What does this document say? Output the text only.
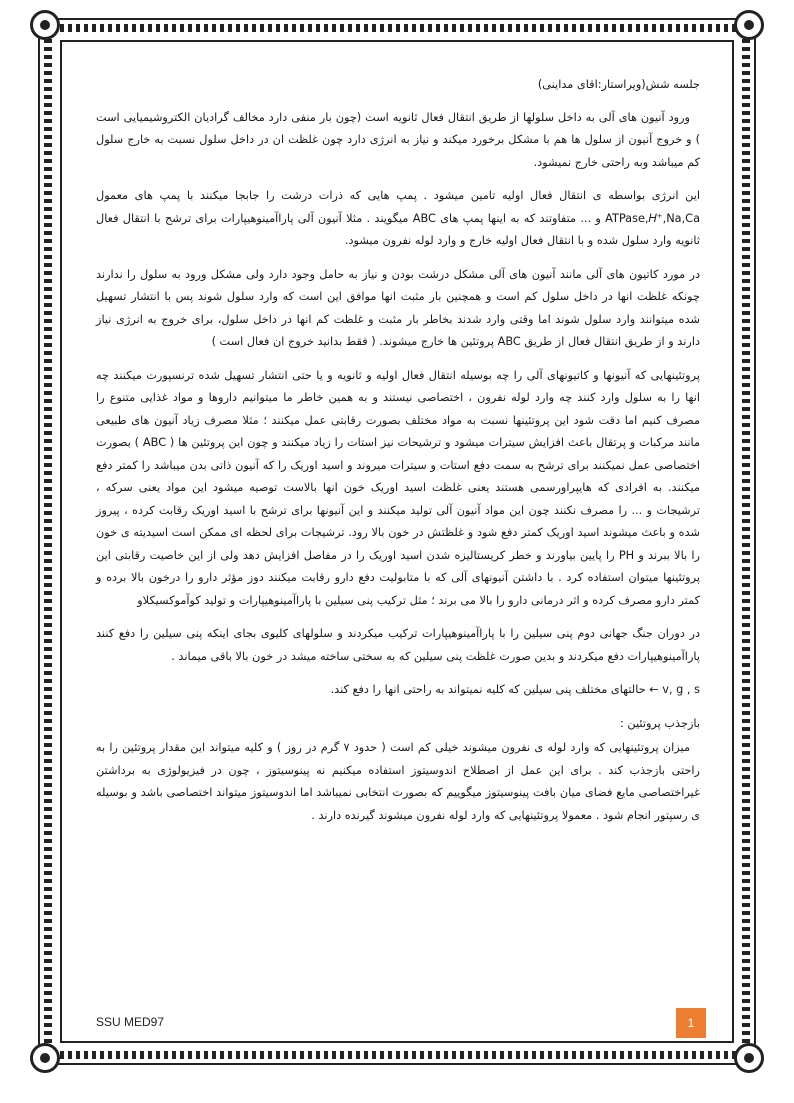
جلسه شش(ویراستار:اقای مداینی)

ورود آنیون های آلی به داخل سلولها از طریق انتقال فعال ثانویه است (چون بار منفی دارد مخالف گرادیان الکتروشیمیایی است ) و خروج آنیون از سلول ها هم با مشکل برخورد میکند و نیاز به انرژی دارد چون غلظت ان در داخل سلول نسبت به خارج سلول کم میباشد وبه راحتی خارج نمیشود.

این انرژی بواسطه ی انتقال فعال اولیه تامین میشود . پمپ هایی که ذرات درشت را جابجا میکنند با پمپ های معمول ATPase,𝐻⁺,Na,Ca و ... متفاوتند که به اینها پمپ های ABC میگویند . مثلا آنیون آلی پاراآمینوهیپارات برای ترشح با انتقال فعال ثانویه وارد سلول شده و با انتقال فعال اولیه خارج و وارد لوله نفرون میشود.

در مورد کاتیون های آلی مانند آنیون های آلی مشکل درشت بودن و نیاز به حامل وجود دارد ولی مشکل ورود به سلول را ندارند چونکه غلظت انها در داخل سلول کم است و همچنین بار مثبت انها موافق این است که وارد سلول شوند پس با انتشار تسهیل شده میتوانند وارد سلول شوند اما وقتی وارد شدند بخاطر بار مثبت و غلظت کم انها در داخل سلول، برای خروج به انرژی نیاز دارند و از طریق انتقال فعال از طریق ABC پروتئین ها خارج میشوند. ( فقط بدانید خروج ان فعال است )

پروتئینهایی که آنیونها و کاتیونهای آلی را چه بوسیله انتقال فعال اولیه و ثانویه و یا حتی انتشار تسهیل شده ترنسپورت میکنند چه انها را به سلول وارد کنند چه وارد لوله نفرون ، اختصاصی نیستند و به همین خاطر ما میتوانیم داروها و مواد غذایی متنوع را مصرف کنیم اما دقت شود این پروتئینها نسبت به مواد مختلف بصورت رقابتی عمل میکنند ؛ مثلا مصرف زیاد آنیون های طبیعی مانند مرکبات و پرتقال باعث افزایش سیترات میشود و ترشیحات نیز استات را زیاد میکنند و چون این پروتئین ها ( ABC ) بصورت اختصاصی عمل نمیکنند برای ترشح به سمت دفع استات و سیترات میروند و اسید اوریک را که آنیون ذاتی بدن میباشد را کمتر دفع میکنند. به افرادی که هایپراورسمی هستند یعنی غلظت اسید اوریک خون انها بالاست توصیه میشود این مواد یعنی سرکه ، ترشیجات و ... را مصرف نکنند چون این مواد آنیون آلی تولید میکنند و این آنیونها برای ترشح با اسید اوریک رقابت کرده ، پیروز شده و باعث میشوند اسید اوریک کمتر دفع شود و غلظتش در خون بالا رود. ترشیجات برای لحظه ای ممکن است اسیدیته ی خون را بالا ببرند و PH را پایین بیاورند و خطر کریستالیزه شدن اسید اوریک را در مفاصل افزایش دهد ولی از این خاصیت رقابتی این پروتئینها میتوان استفاده کرد . با داشتن آنیونهای آلی که با متابولیت دفع دارو رقابت میکنند دوز مؤثر دارو را درخون بالا برده و کمتر دارو مصرف کرده و اثر درمانی دارو را بالا می برند ؛ مثل ترکیب پنی سیلین با پاراآمینوهیپارات و تولید کوآموکسیکلاو

در دوران جنگ جهانی دوم پنی سیلین را با پاراآمینوهیپارات ترکیب میکردند و سلولهای کلیوی بجای اینکه پنی سیلین را دفع کنند پاراآمینوهیپارات دفع میکردند و بدین صورت غلظت پنی سیلین که به سختی ساخته میشد در خون بالا باقی میماند .

v, g , s ← حالتهای مختلف پنی سیلین که کلیه نمیتواند به راحتی انها را دفع کند.

بازجذب پروتئین :

میزان پروتئینهایی که وارد لوله ی نفرون میشوند خیلی کم است ( حدود ۷ گرم در روز ) و کلیه میتواند این مقدار پروتئین را به راحتی بازجذب کند . برای این عمل از اصطلاح اندوسیتوز استفاده میکنیم نه پینوسیتوز ، چون در فیزیولوژی به برداشتن غیراختصاصی مایع فضای میان بافت پینوسیتوز میگوییم که بصورت انتخابی نمیباشد اما اندوسیتوز میتواند اختصاصی باشد و بوسیله ی رسپتور انجام شود . معمولا پروتئینهایی که وارد لوله نفرون میشوند گیرنده دارند .

SSU MED97	1
